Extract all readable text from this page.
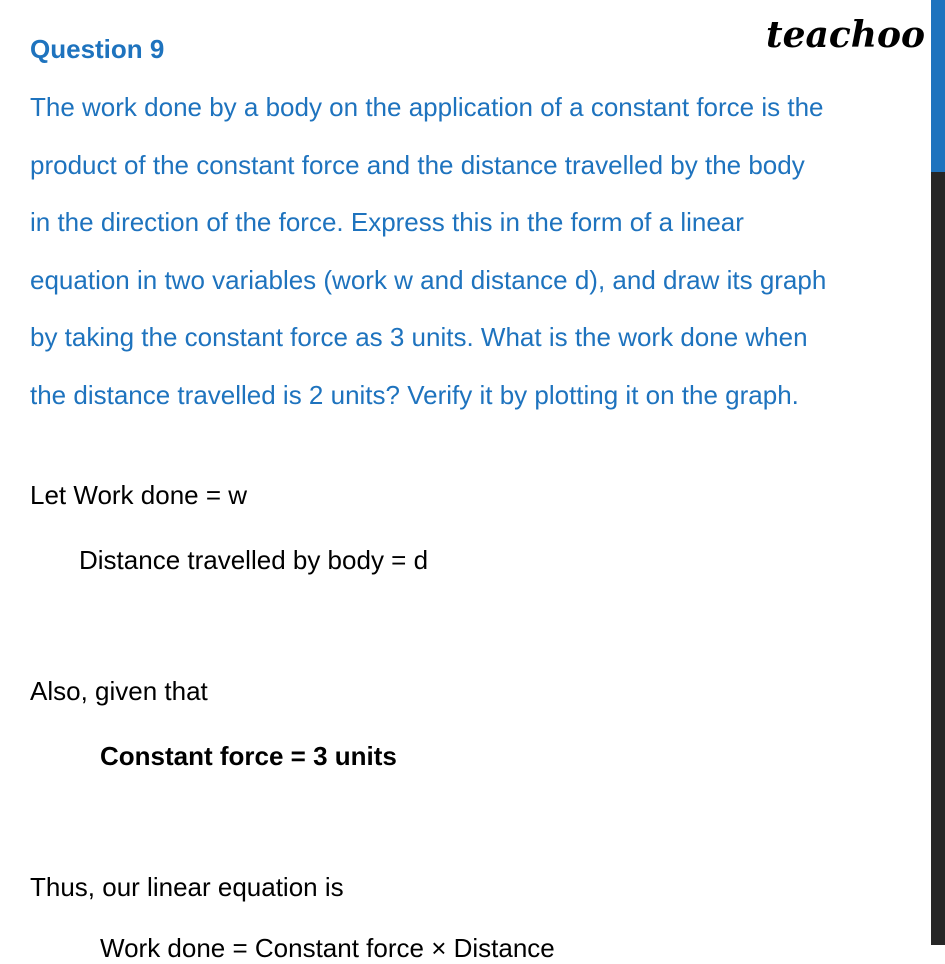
teachoo
Question 9
The work done by a body on the application of a constant force is the
product of the constant force and the distance travelled by the body
in the direction of the force. Express this in the form of a linear
equation in two variables (work w and distance d), and draw its graph
by taking the constant force as 3 units. What is the work done when
the distance travelled is 2 units? Verify it by plotting it on the graph.
Let Work done = w
Distance travelled by body = d
Also, given that
Constant force = 3 units
Thus, our linear equation is
Work done = Constant force × Distance
